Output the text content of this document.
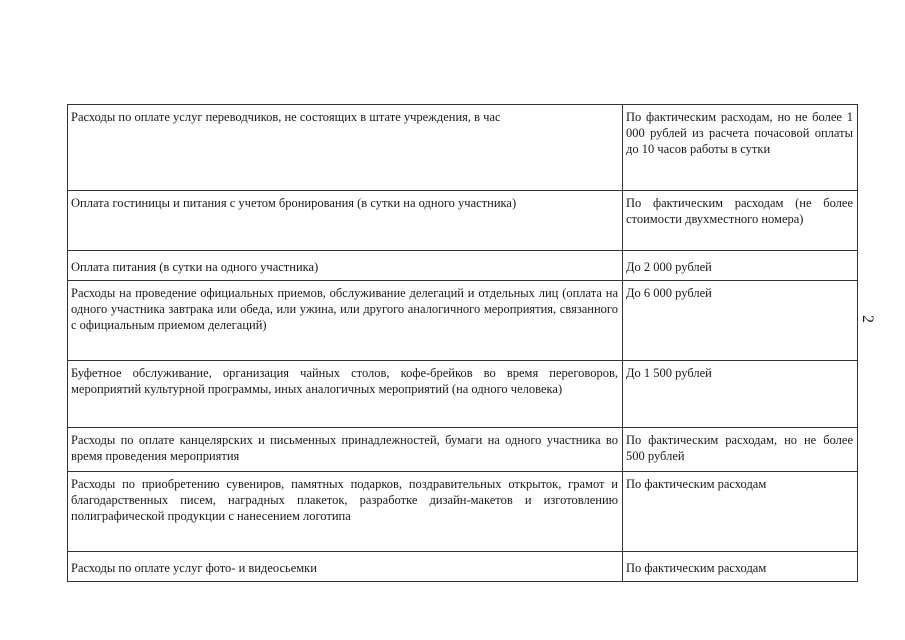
Расходы по оплате услуг переводчиков, не состоящих в штате учреждения, в час	По фактическим расходам, но не более 1 000 рублей из расчета почасовой оплаты до 10 часов работы в сутки
Оплата гостиницы и питания с учетом бронирования (в сутки на одного участника)	По фактическим расходам (не более стоимости двухместного номера)
Оплата питания (в сутки на одного участника)	До 2 000 рублей
Расходы на проведение официальных приемов, обслуживание делегаций и отдельных лиц (оплата на одного участника завтрака или обеда, или ужина, или другого аналогичного мероприятия, связанного с официальным приемом делегаций)	До 6 000 рублей
Буфетное обслуживание, организация чайных столов, кофе-брейков во время переговоров, мероприятий культурной программы, иных аналогичных мероприятий (на одного человека)	До 1 500 рублей
Расходы по оплате канцелярских и письменных принадлежностей, бумаги на одного участника во время проведения мероприятия	По фактическим расходам, но не более 500 рублей
Расходы по приобретению сувениров, памятных подарков, поздравительных открыток, грамот и благодарственных писем, наградных плакеток, разработке дизайн-макетов и изготовлению полиграфической продукции с нанесением логотипа	По фактическим расходам
Расходы по оплате услуг фото- и видеосьемки	По фактическим расходам
2
